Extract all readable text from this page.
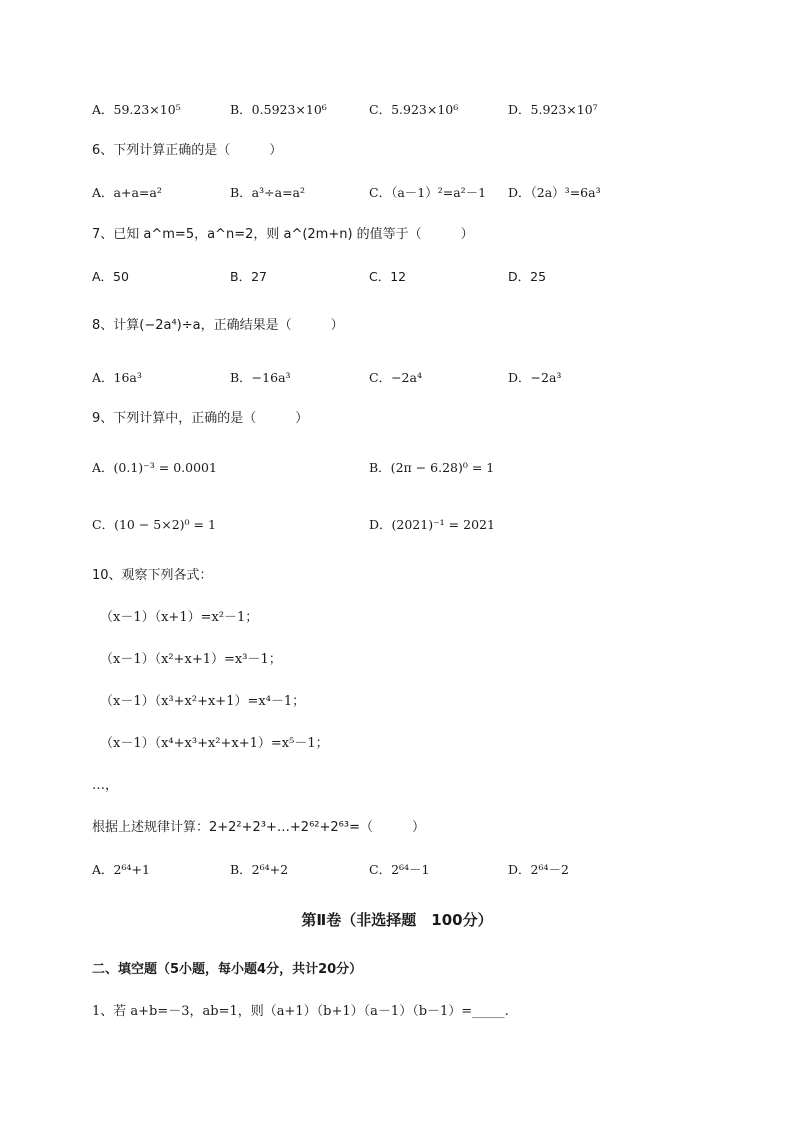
A．59.23×10⁵	B．0.5923×10⁶	C．5.923×10⁶	D．5.923×10⁷
6、下列计算正确的是（　　　）
A．a+a=a²	B．a³÷a=a²	C．（a－1）²=a²－1 D．（2a）³=6a³
7、已知 a^m=5，a^n=2，则 a^(2m+n) 的值等于（　　　）
A．50	B．27	C．12	D．25
8、计算(−2a⁴)÷a，正确结果是（　　　）
A．16a³	B．−16a³	C．−2a⁴	D．−2a³
9、下列计算中，正确的是（　　　）
A．(0.1)⁻³ = 0.0001	B．(2π − 6.28)⁰ = 1
C．(10 − 5×2)⁰ = 1	D．(2021)⁻¹ = 2021
10、观察下列各式：
（x－1）（x+1）=x²－1；
（x－1）（x²+x+1）=x³－1；
（x－1）（x³+x²+x+1）=x⁴－1；
（x－1）（x⁴+x³+x²+x+1）=x⁵－1；
…，
根据上述规律计算：2+2²+2³+…+2⁶²+2⁶³=（　　　）
A．2⁶⁴+1	B．2⁶⁴+2	C．2⁶⁴－1	D．2⁶⁴－2
第Ⅱ卷（非选择题　100分）
二、填空题（5小题，每小题4分，共计20分）
1、若 a+b=－3，ab=1，则（a+1）（b+1）（a－1）（b－1）=_____.
